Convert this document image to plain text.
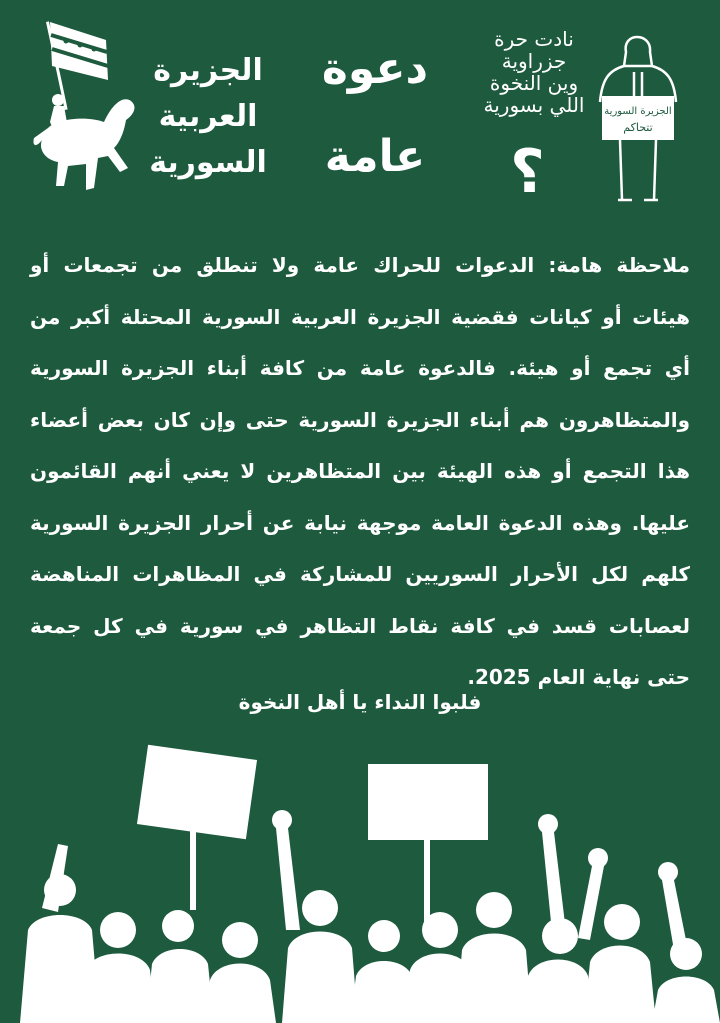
الجزيرة
العربية
السورية
دعوة
عامة
نادت حرة
جزراوية
وين النخوة
اللي بسورية
؟
الجزيرة السورية
تتحاكم
ملاحظة هامة: الدعوات للحراك عامة ولا تنطلق من تجمعات أو
هيئات أو كيانات فقضية الجزيرة العربية السورية المحتلة أكبر من
أي تجمع أو هيئة. فالدعوة عامة من كافة أبناء الجزيرة السورية
والمتظاهرون هم أبناء الجزيرة السورية حتى وإن كان بعض أعضاء
هذا التجمع أو هذه الهيئة بين المتظاهرين لا يعني أنهم القائمون
عليها. وهذه الدعوة العامة موجهة نيابة عن أحرار الجزيرة السورية
كلهم لكل الأحرار السوريين للمشاركة في المظاهرات المناهضة
لعصابات قسد في كافة نقاط التظاهر في سورية في كل جمعة
حتى نهاية العام 2025.
فلبوا النداء يا أهل النخوة
